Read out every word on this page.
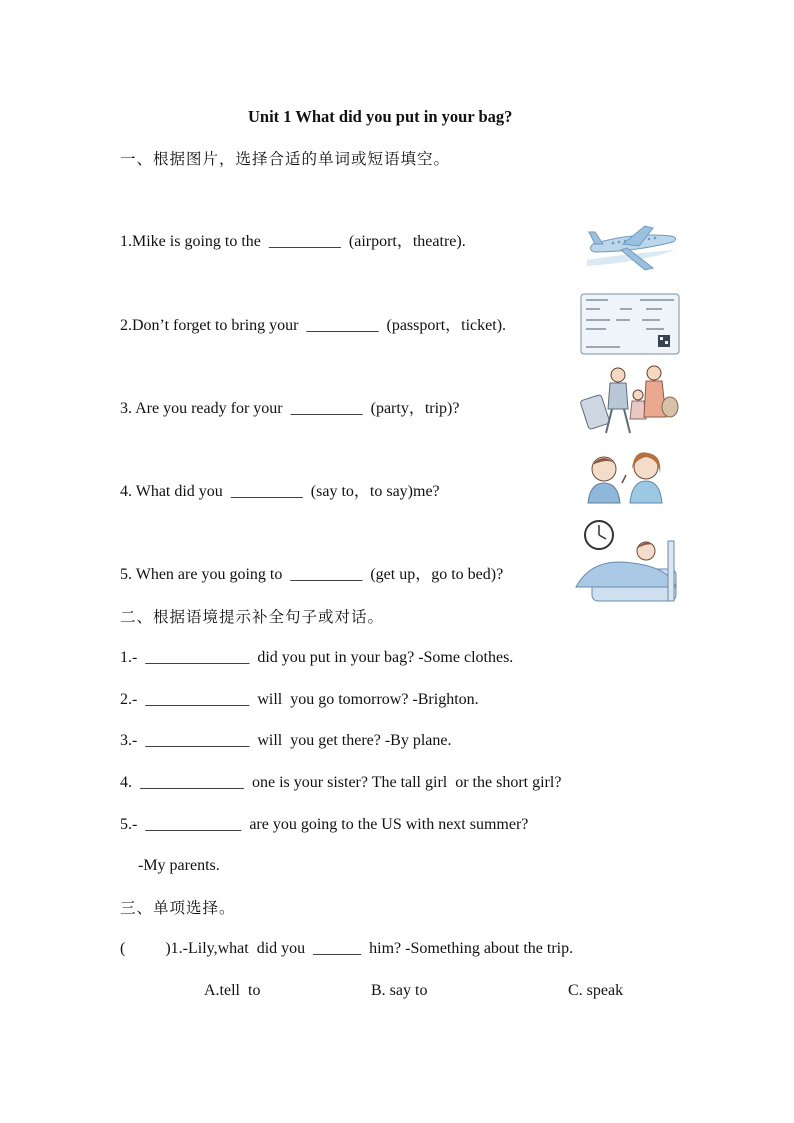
Unit 1 What did you put in your bag?
一、根据图片，选择合适的单词或短语填空。
1.Mike is going to the  _________  (airport，theatre).
2.Don’t forget to bring your  _________  (passport，ticket).
3. Are you ready for your  _________  (party，trip)?
4. What did you  _________  (say to，to say)me?
5. When are you going to  _________  (get up，go to bed)?
二、根据语境提示补全句子或对话。
1.-  _____________  did you put in your bag? -Some clothes.
2.-  _____________  will  you go tomorrow? -Brighton.
3.-  _____________  will  you get there? -By plane.
4.  _____________  one is your sister? The tall girl  or the short girl?
5.-  ____________  are you going to the US with next summer?
-My parents.
三、单项选择。
(          )1.-Lily,what  did you  ______  him? -Something about the trip.
A.tell  to	B. say to	C. speak
